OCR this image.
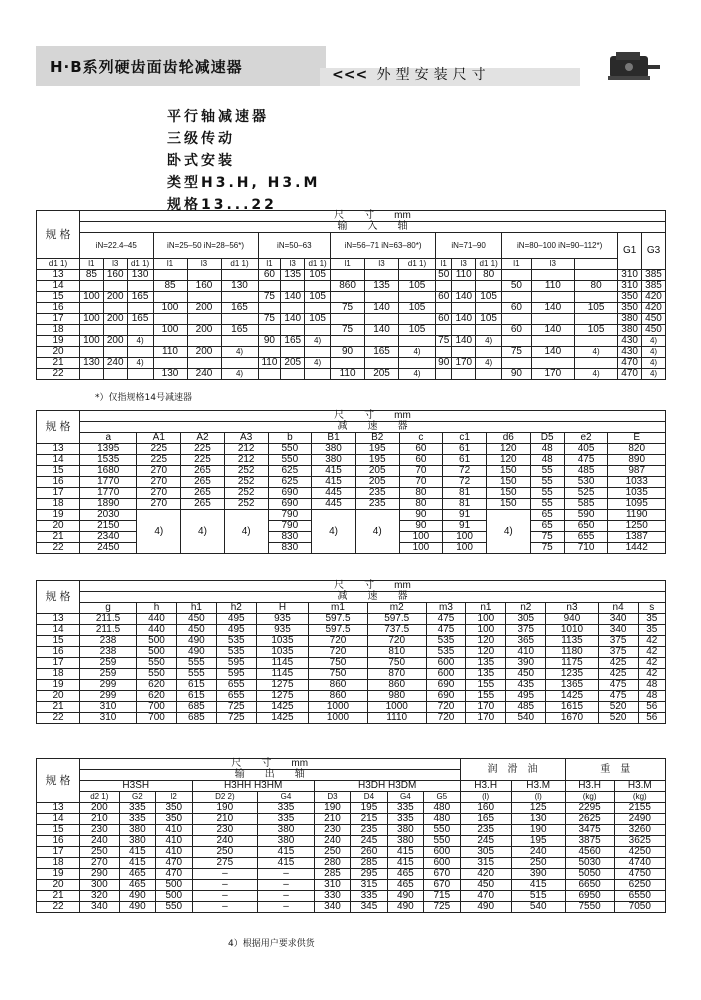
H·B系列硬齿面齿轮减速器	<<< 外型安装尺寸
平行轴减速器
三级传动
卧式安装
类型H3.H, H3.M
规格13...22
规 格	尺　　寸　　mm																			
	输　　入　　轴																			
	iN=22.4–45			iN=25–50 iN=28–56*)			iN=50–63			iN=56–71 iN=63–80*)			iN=71–90			iN=80–100 iN=90–112*)			G1	G3
d1 1)	l1	l3	d1 1)	l1	l3	d1 1)	l1	l3	d1 1)	l1	l3	d1 1)	l1	l3	d1 1)	l1	l3			
13	85	160	130				60	135	105				50	110	80				310	385
14				85	160	130				860	135	105				50	110	80	310	385
15	100	200	165				75	140	105				60	140	105				350	420
16				100	200	165				75	140	105				60	140	105	350	420
17	100	200	165				75	140	105				60	140	105				380	450
18				100	200	165				75	140	105				60	140	105	380	450
19	100	200	4)				90	165	4)				75	140	4)				430	4)
20				110	200	4)				90	165	4)				75	140	4)	430	4)
21	130	240	4)				110	205	4)				90	170	4)				470	4)
22				130	240	4)				110	205	4)				90	170	4)	470	4)
*）仅指规格14号减速器
规 格	尺　　寸　　mm												
	减　　速　　器												
	a	A1	A2	A3	b	B1	B2	c	c1	d6	D5	e2	E
13	1395	225	225	212	550	380	195	60	61	120	48	405	820
14	1535	225	225	212	550	380	195	60	61	120	48	475	890
15	1680	270	265	252	625	415	205	70	72	150	55	485	987
16	1770	270	265	252	625	415	205	70	72	150	55	530	1033
17	1770	270	265	252	690	445	235	80	81	150	55	525	1035
18	1890	270	265	252	690	445	235	80	81	150	55	585	1095
19	2030	4)	4)	4)	790	4)	4)	90	91	4)	65	590	1190
20	2150				790			90	91		65	650	1250
21	2340				830			100	100		75	655	1387
22	2450				830			100	100		75	710	1442
规 格	尺　　寸　　mm												
	减　　速　　器												
	g	h	h1	h2	H	m1	m2	m3	n1	n2	n3	n4	s
13	211.5	440	450	495	935	597.5	597.5	475	100	305	940	340	35
14	211.5	440	450	495	935	597.5	737.5	475	100	375	1010	340	35
15	238	500	490	535	1035	720	720	535	120	365	1135	375	42
16	238	500	490	535	1035	720	810	535	120	410	1180	375	42
17	259	550	555	595	1145	750	750	600	135	390	1175	425	42
18	259	550	555	595	1145	750	870	600	135	450	1235	425	42
19	299	620	615	655	1275	860	860	690	155	435	1365	475	48
20	299	620	615	655	1275	860	980	690	155	495	1425	475	48
21	310	700	685	725	1425	1000	1000	720	170	485	1615	520	56
22	310	700	685	725	1425	1000	1110	720	170	540	1670	520	56
规 格	尺　　寸　　mm									润　滑　油		重　量	
	输　　出　　轴												
	H3SH			H3HH H3HM		H3DH H3DM				H3.H	H3.M	H3.H	H3.M
	d2 1)	G2	l2	D2 2)	G4	D3	D4	G4	G5	(l)	(l)	(kg)	(kg)
13	200	335	350	190	335	190	195	335	480	160	125	2295	2155
14	210	335	350	210	335	210	215	335	480	165	130	2625	2490
15	230	380	410	230	380	230	235	380	550	235	190	3475	3260
16	240	380	410	240	380	240	245	380	550	245	195	3875	3625
17	250	415	410	250	415	250	260	415	600	305	240	4560	4250
18	270	415	470	275	415	280	285	415	600	315	250	5030	4740
19	290	465	470	–	–	285	295	465	670	420	390	5050	4750
20	300	465	500	–	–	310	315	465	670	450	415	6650	6250
21	320	490	500	–	–	330	335	490	715	470	515	6950	6550
22	340	490	550	–	–	340	345	490	725	490	540	7550	7050
4）根据用户要求供货
